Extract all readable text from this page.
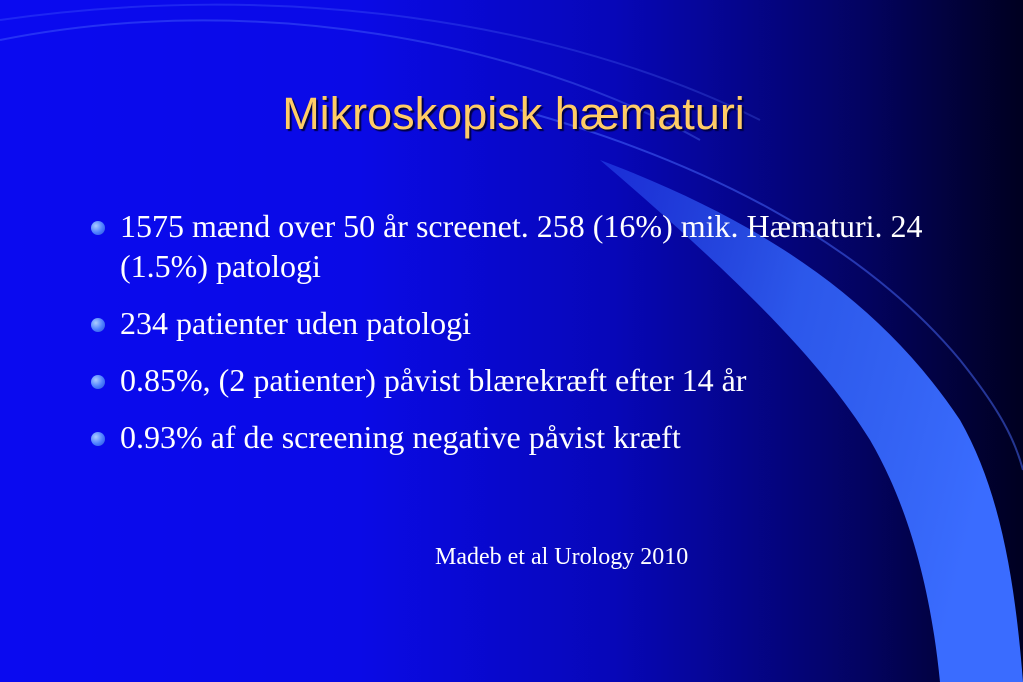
Mikroskopisk hæmaturi
1575 mænd over 50 år screenet. 258 (16%) mik. Hæmaturi. 24 (1.5%) patologi
234 patienter uden patologi
0.85%, (2 patienter) påvist blærekræft efter 14 år
0.93% af de screening negative påvist kræft

Madeb et al Urology 2010
